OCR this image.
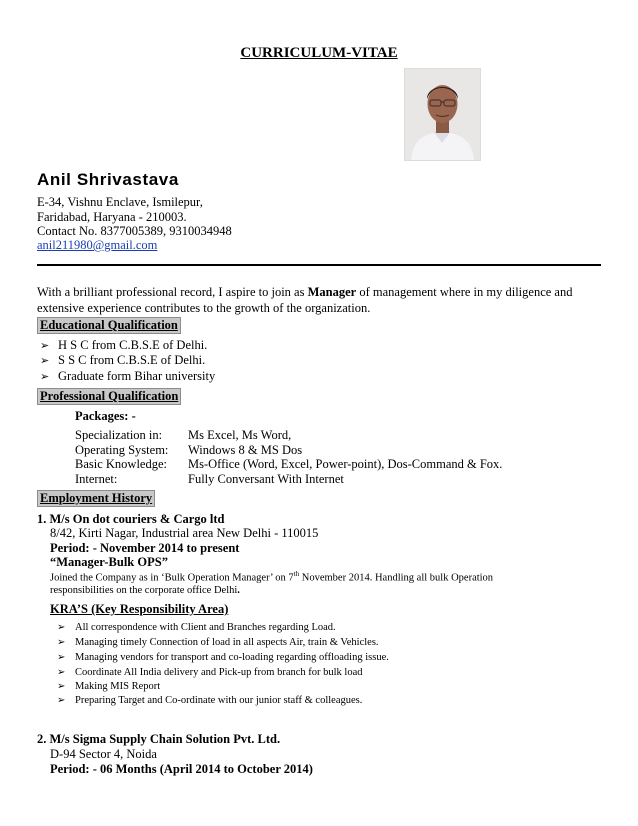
CURRICULUM-VITAE
Anil Shrivastava
E-34, Vishnu Enclave, Ismilepur,
Faridabad, Haryana - 210003.
Contact No. 8377005389, 9310034948
anil211980@gmail.com
With a brilliant professional record, I aspire to join as Manager of management where in my diligence and extensive experience contributes to the growth of the organization.
Educational Qualification
➢ H S C from C.B.S.E of Delhi.
➢ S S C from C.B.S.E of Delhi.
➢ Graduate form Bihar university
Professional Qualification
Packages: -
Specialization in: Ms Excel, Ms Word,
Operating System: Windows 8 & MS Dos
Basic Knowledge: Ms-Office (Word, Excel, Power-point), Dos-Command & Fox.
Internet:	Fully Conversant With Internet
Employment History
1. M/s On dot couriers & Cargo ltd
8/42, Kirti Nagar, Industrial area New Delhi - 110015
Period: - November 2014 to present
“Manager-Bulk OPS”
Joined the Company as in ‘Bulk Operation Manager’ on 7th November 2014. Handling all bulk Operation
responsibilities on the corporate office Delhi.
KRA’S (Key Responsibility Area)
➢ All correspondence with Client and Branches regarding Load.
➢ Managing timely Connection of load in all aspects Air, train & Vehicles.
➢ Managing vendors for transport and co-loading regarding offloading issue.
➢ Coordinate All India delivery and Pick-up from branch for bulk load
➢ Making MIS Report
➢ Preparing Target and Co-ordinate with our junior staff & colleagues.
2. M/s Sigma Supply Chain Solution Pvt. Ltd.
D-94 Sector 4, Noida
Period: - 06 Months (April 2014 to October 2014)
